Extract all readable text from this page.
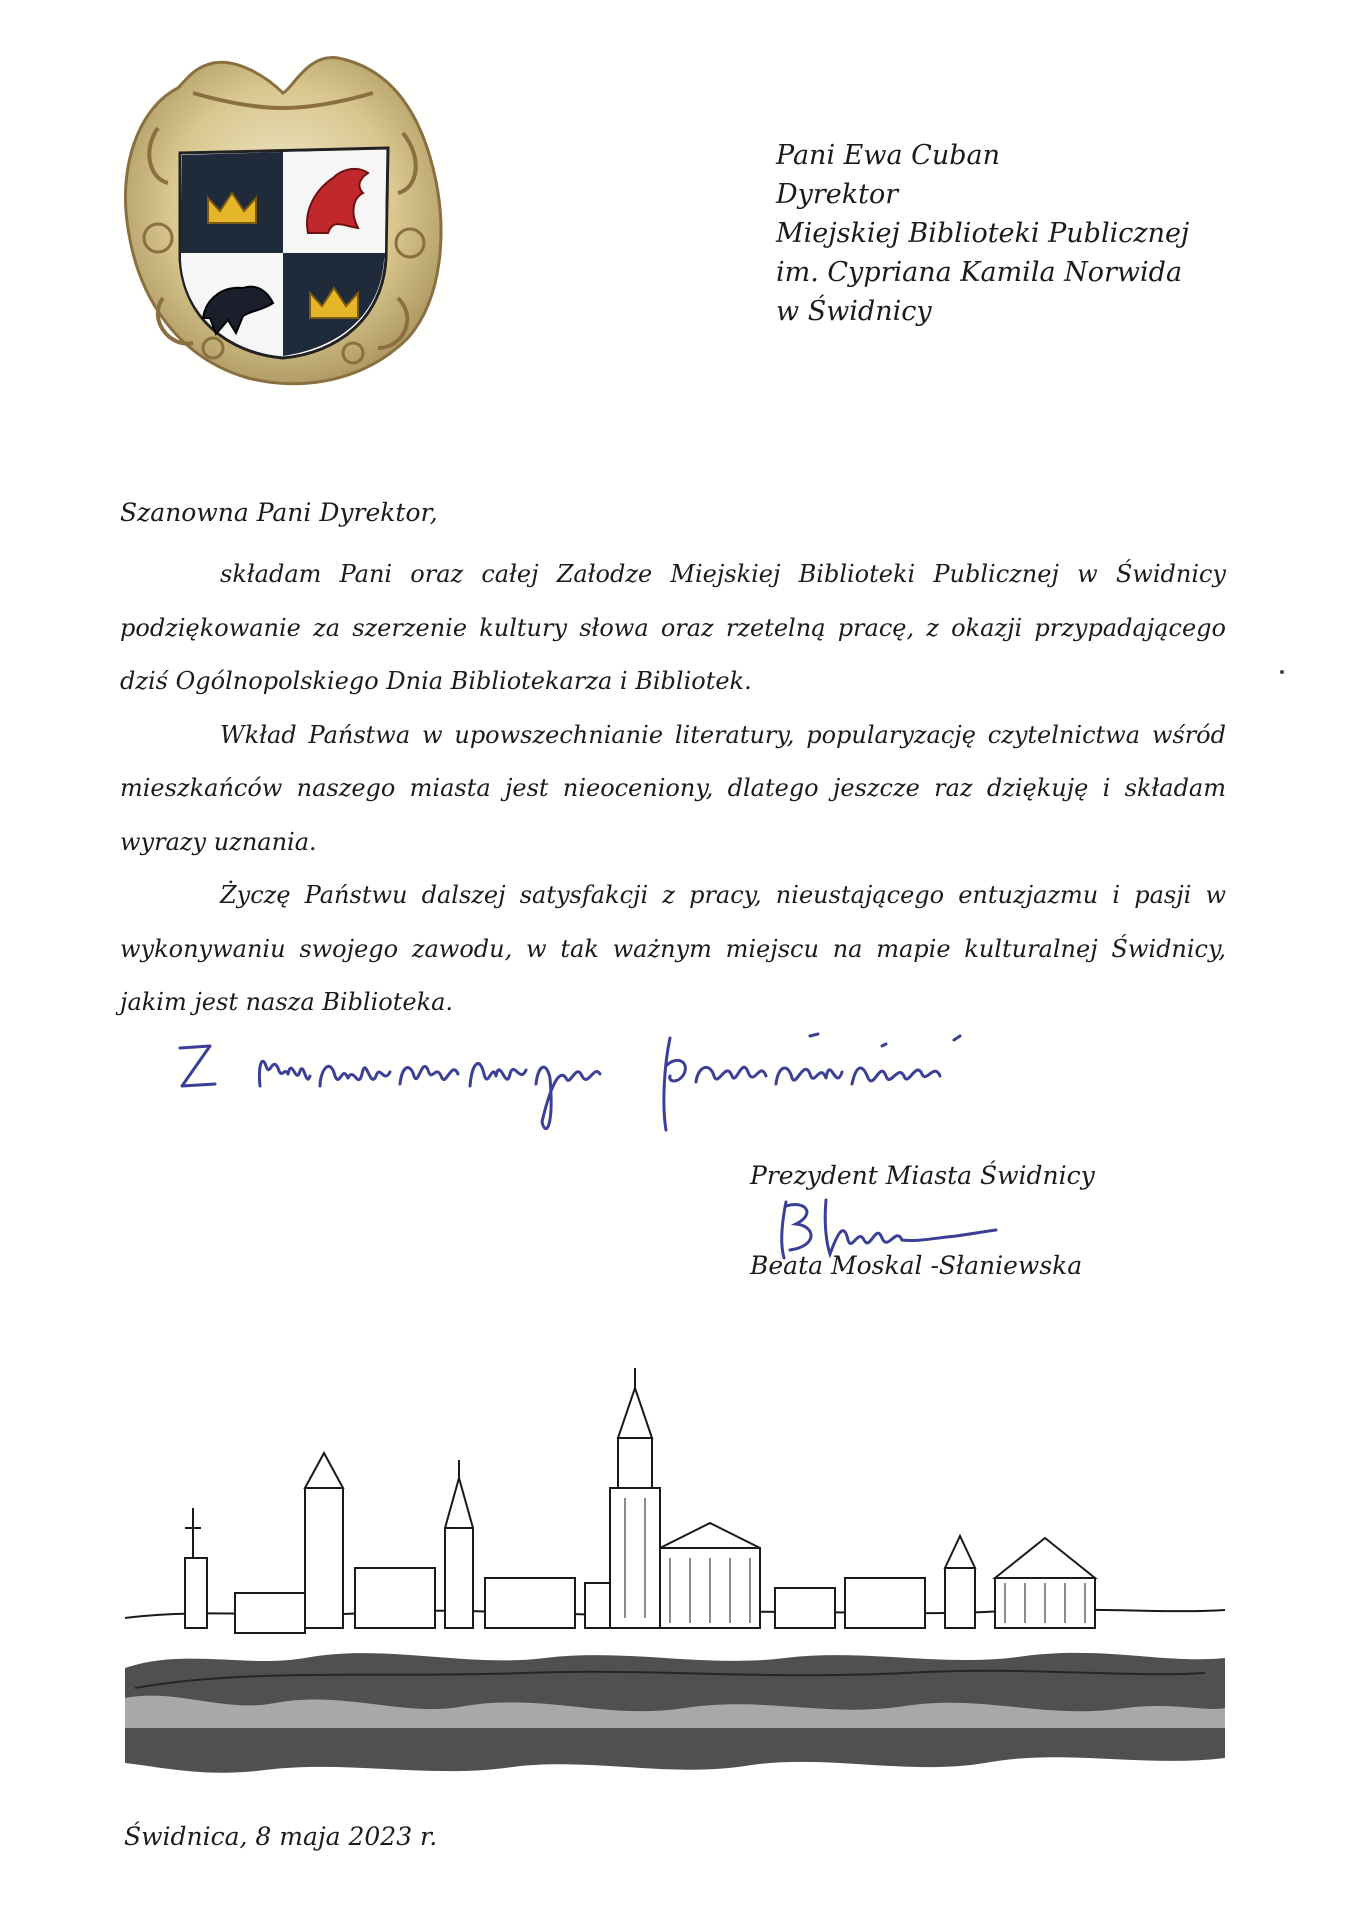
Pani Ewa Cuban
Dyrektor
Miejskiej Biblioteki Publicznej
im. Cypriana Kamila Norwida
w Świdnicy
Szanowna Pani Dyrektor,

składam Pani oraz całej Załodze Miejskiej Biblioteki Publicznej w Świdnicy podziękowanie za szerzenie kultury słowa oraz rzetelną pracę, z okazji przypadającego dziś Ogólnopolskiego Dnia Bibliotekarza i Bibliotek.

Wkład Państwa w upowszechnianie literatury, popularyzację czytelnictwa wśród mieszkańców naszego miasta jest nieoceniony, dlatego jeszcze raz dziękuję i składam wyrazy uznania.

Życzę Państwu dalszej satysfakcji z pracy, nieustającego entuzjazmu i pasji w wykonywaniu swojego zawodu, w tak ważnym miejscu na mapie kulturalnej Świdnicy, jakim jest nasza Biblioteka.

Prezydent Miasta Świdnicy
Beata Moskal -Słaniewska
Świdnica, 8 maja 2023 r.
